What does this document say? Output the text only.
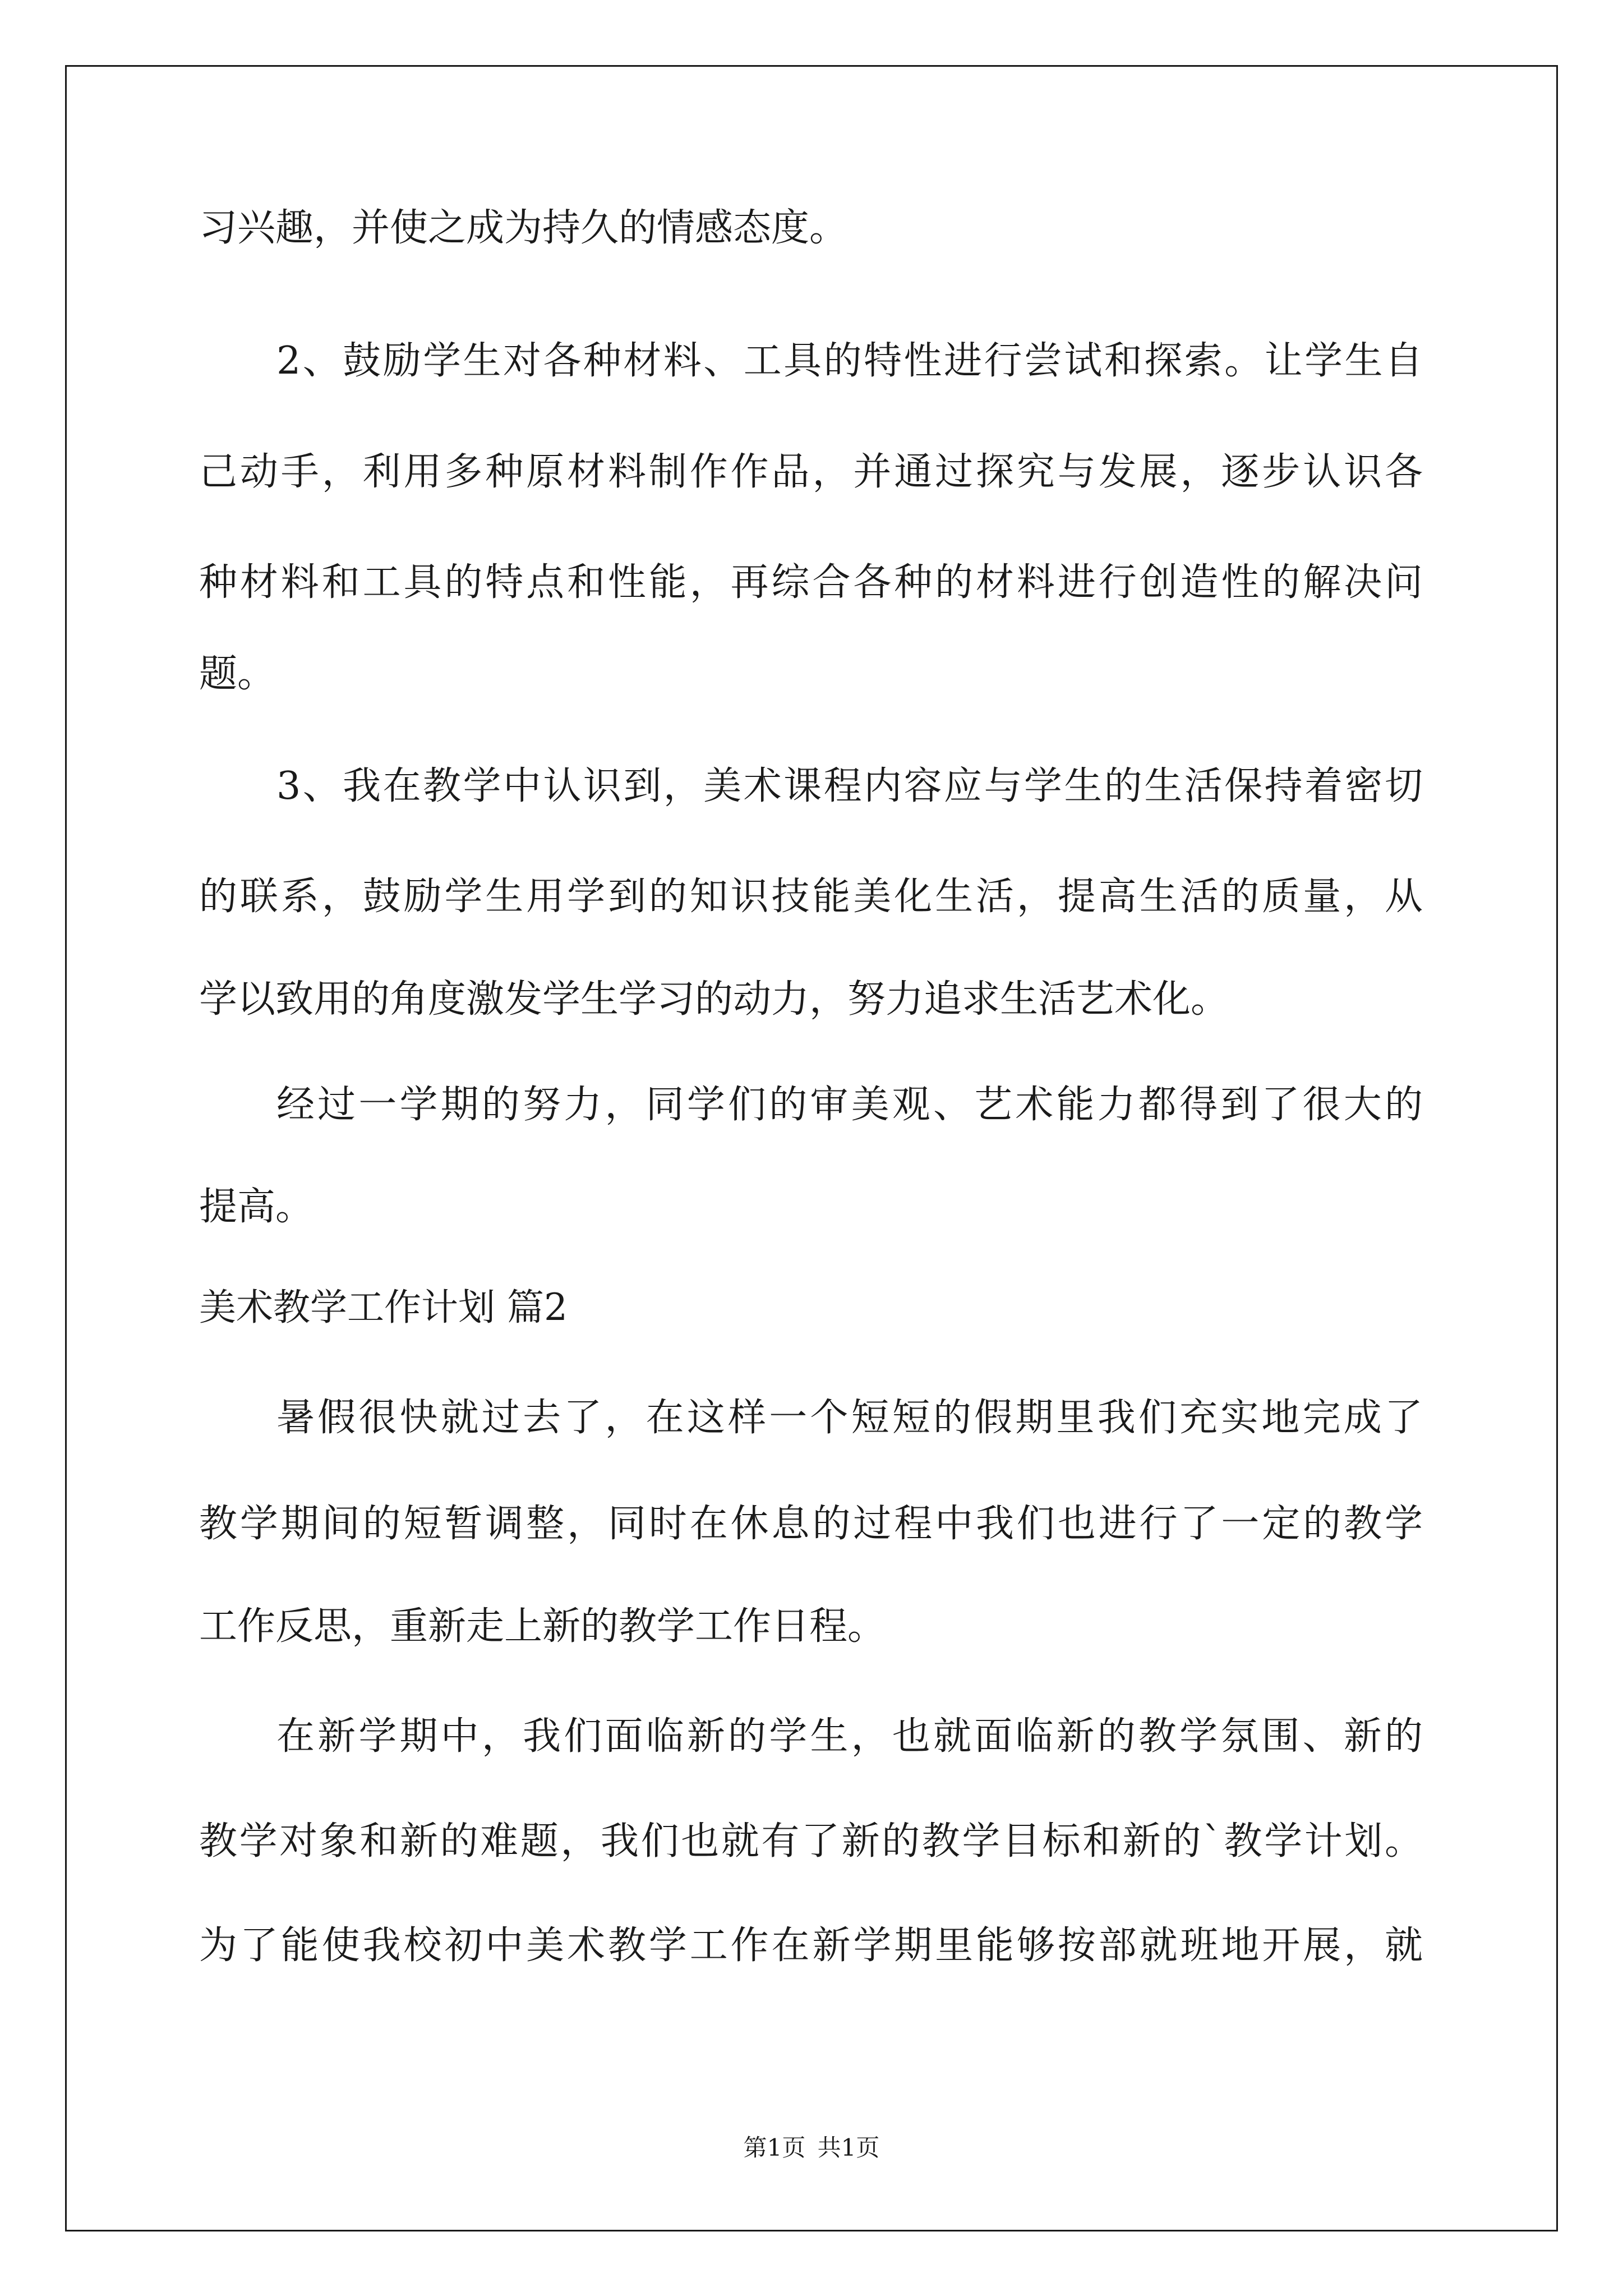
习兴趣，并使之成为持久的情感态度。

2、鼓励学生对各种材料、工具的特性进行尝试和探索。让学生自

己动手，利用多种原材料制作作品，并通过探究与发展，逐步认识各

种材料和工具的特点和性能，再综合各种的材料进行创造性的解决问

题。

3、我在教学中认识到，美术课程内容应与学生的生活保持着密切

的联系，鼓励学生用学到的知识技能美化生活，提高生活的质量，从

学以致用的角度激发学生学习的动力，努力追求生活艺术化。

经过一学期的努力，同学们的审美观、艺术能力都得到了很大的

提高。

美术教学工作计划 篇2

暑假很快就过去了，在这样一个短短的假期里我们充实地完成了

教学期间的短暂调整，同时在休息的过程中我们也进行了一定的教学

工作反思，重新走上新的教学工作日程。

在新学期中，我们面临新的学生，也就面临新的教学氛围、新的

教学对象和新的难题，我们也就有了新的教学目标和新的`教学计划。

为了能使我校初中美术教学工作在新学期里能够按部就班地开展，就

第1页 共1页
